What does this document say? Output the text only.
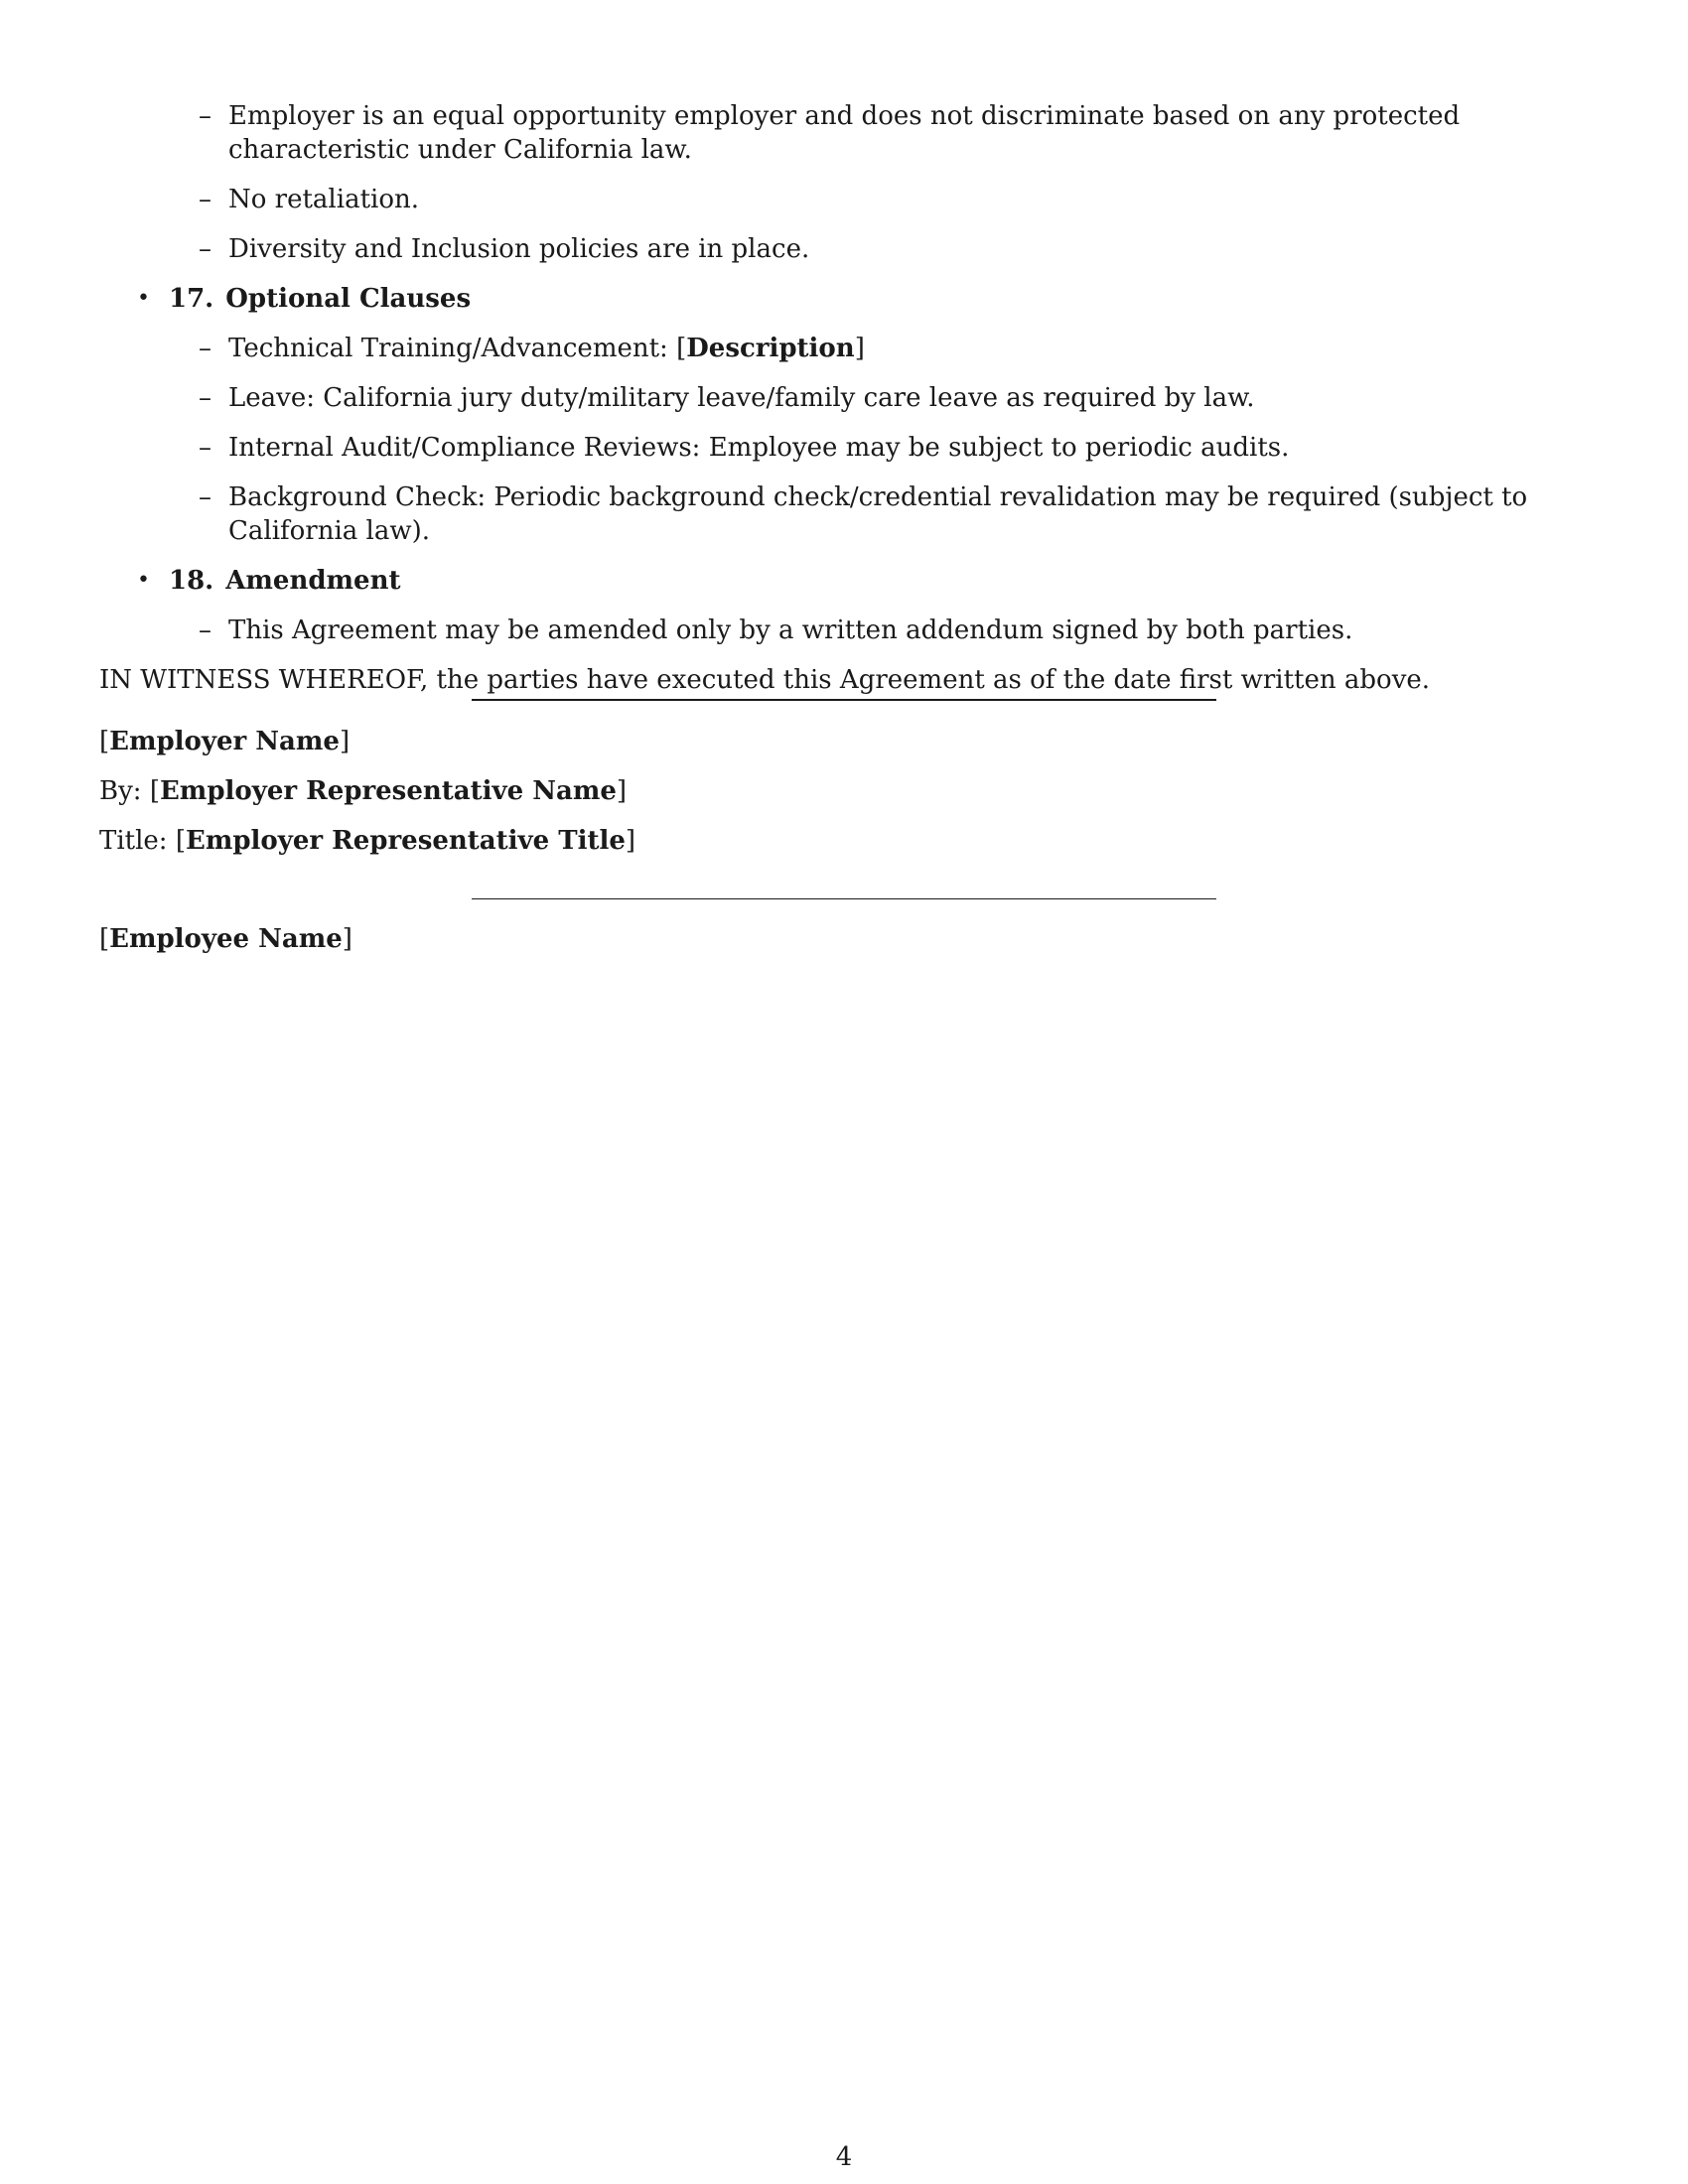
– Employer is an equal opportunity employer and does not discriminate based on any protected characteristic under California law.
– No retaliation.
– Diversity and Inclusion policies are in place.
• 17. Optional Clauses
– Technical Training/Advancement: [Description]
– Leave: California jury duty/military leave/family care leave as required by law.
– Internal Audit/Compliance Reviews: Employee may be subject to periodic audits.
– Background Check: Periodic background check/credential revalidation may be required (subject to California law).
• 18. Amendment
– This Agreement may be amended only by a written addendum signed by both parties.
IN WITNESS WHEREOF, the parties have executed this Agreement as of the date first written above.
[Employer Name]
By: [Employer Representative Name]
Title: [Employer Representative Title]
[Employee Name]
4
